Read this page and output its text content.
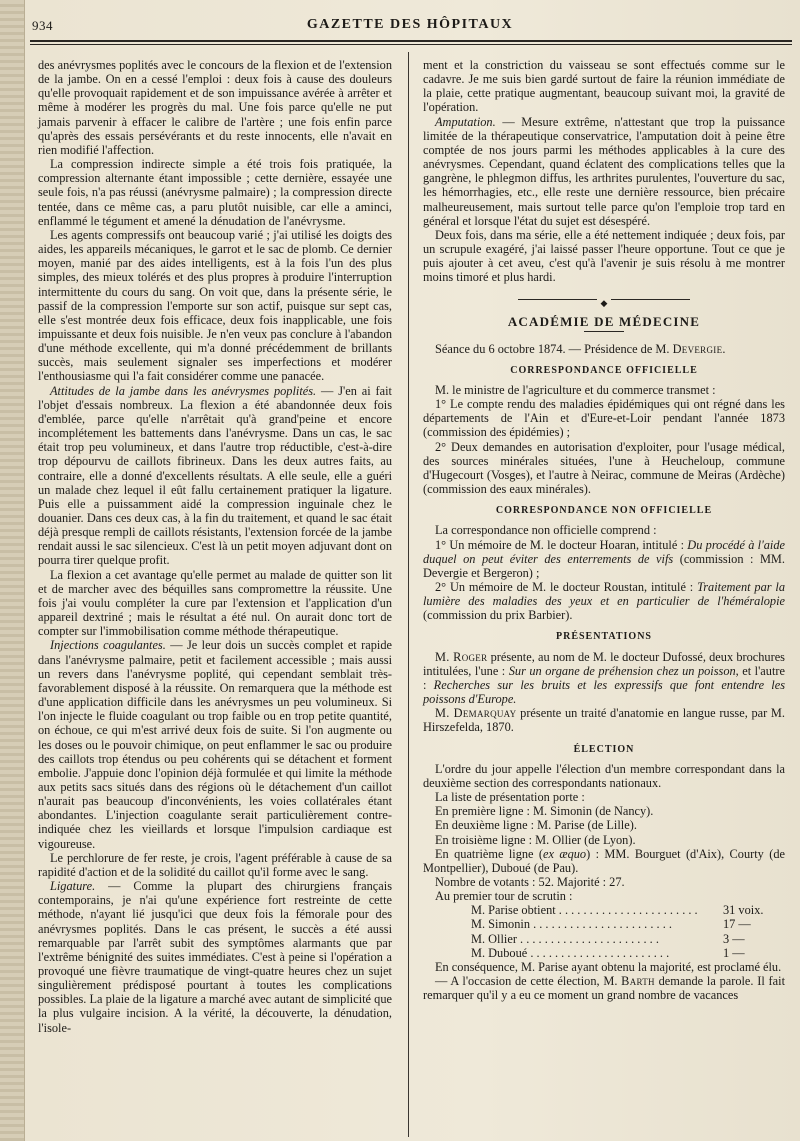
934	GAZETTE DES HÔPITAUX

des anévrysmes poplités avec le concours de la flexion et de l'extension de la jambe. On en a cessé l'emploi : deux fois à cause des douleurs qu'elle provoquait rapidement et de son impuissance avérée à arrêter et même à modérer les progrès du mal. Une fois parce qu'elle ne put jamais parvenir à effacer le calibre de l'artère ; une fois enfin parce qu'après des essais persévérants et du reste innocents, elle n'avait en rien modifié l'affection.

La compression indirecte simple a été trois fois pratiquée, la compression alternante étant impossible ; cette dernière, essayée une seule fois, n'a pas réussi (anévrysme palmaire) ; la compression directe tentée, dans ce même cas, a paru plutôt nuisible, car elle a aminci, enflammé le tégument et amené la dénudation de l'anévrysme.

Les agents compressifs ont beaucoup varié ; j'ai utilisé les doigts des aides, les appareils mécaniques, le garrot et le sac de plomb. Ce dernier moyen, manié par des aides intelligents, est à la fois l'un des plus simples, des mieux tolérés et des plus propres à produire l'interruption intermittente du cours du sang. On voit que, dans la présente série, le passif de la compression l'emporte sur son actif, puisque sur sept cas, elle s'est montrée deux fois efficace, deux fois inapplicable, une fois impuissante et deux fois nuisible. Je n'en veux pas conclure à l'abandon d'une méthode excellente, qui m'a donné précédemment de brillants succès, mais seulement signaler ses imperfections et modérer l'enthousiasme qui l'a fait considérer comme une panacée.

Attitudes de la jambe dans les anévrysmes poplités. — J'en ai fait l'objet d'essais nombreux. La flexion a été abandonnée deux fois d'emblée, parce qu'elle n'arrêtait qu'à grand'peine et encore incomplétement les battements dans l'anévrysme. Dans un cas, le sac était trop peu volumineux, et dans l'autre trop réductible, c'est-à-dire trop dépourvu de caillots fibrineux. Dans les deux autres faits, au contraire, elle a donné d'excellents résultats. A elle seule, elle a guéri un malade chez lequel il eût fallu certainement pratiquer la ligature. Puis elle a puissamment aidé la compression inguinale chez le douanier. Dans ces deux cas, à la fin du traitement, et quand le sac était déjà presque rempli de caillots résistants, l'extension forcée de la jambe rendait aussi le sac silencieux. C'est là un petit moyen adjuvant dont on pourra tirer quelque profit.

La flexion a cet avantage qu'elle permet au malade de quitter son lit et de marcher avec des béquilles sans compromettre la réussite. Une fois j'ai voulu compléter la cure par l'extension et l'application d'un appareil dextriné ; mais le résultat a été nul. On aurait donc tort de compter sur l'immobilisation comme méthode thérapeutique.

Injections coagulantes. — Je leur dois un succès complet et rapide dans l'anévrysme palmaire, petit et facilement accessible ; mais aussi un revers dans l'anévrysme poplité, qui cependant semblait très-favorablement disposé à la réussite. On remarquera que la méthode est d'une application difficile dans les anévrysmes un peu volumineux. Si l'on injecte le fluide coagulant ou trop faible ou en trop petite quantité, on échoue, ce qui m'est arrivé deux fois de suite. Si l'on augmente ou les doses ou le pouvoir chimique, on peut enflammer le sac ou produire des caillots trop étendus ou peu cohérents qui se détachent et forment embolie. J'appuie donc l'opinion déjà formulée et qui limite la méthode aux petits sacs situés dans des régions où le détachement d'un caillot n'aurait pas beaucoup d'inconvénients, les voies collatérales étant abondantes. L'injection coagulante serait particulièrement contre-indiquée chez les vieillards et lorsque l'impulsion cardiaque est vigoureuse.

Le perchlorure de fer reste, je crois, l'agent préférable à cause de sa rapidité d'action et de la solidité du caillot qu'il forme avec le sang.

Ligature. — Comme la plupart des chirurgiens français contemporains, je n'ai qu'une expérience fort restreinte de cette méthode, n'ayant lié jusqu'ici que deux fois la fémorale pour des anévrysmes poplités. Dans le cas présent, le succès a été aussi remarquable par l'arrêt subit des symptômes alarmants que par l'extrême bénignité des suites immédiates. C'est à peine si l'opération a provoqué une fièvre traumatique de vingt-quatre heures chez un sujet singulièrement prédisposé pourtant à toutes les complications possibles. La plaie de la ligature a marché avec autant de simplicité que la plus vulgaire incision. A la vérité, la découverte, la dénudation, l'isole-

ment et la constriction du vaisseau se sont effectués comme sur le cadavre. Je me suis bien gardé surtout de faire la réunion immédiate de la plaie, cette pratique augmentant, beaucoup suivant moi, la gravité de l'opération.

Amputation. — Mesure extrême, n'attestant que trop la puissance limitée de la thérapeutique conservatrice, l'amputation doit à peine être comptée de nos jours parmi les méthodes applicables à la cure des anévrysmes. Cependant, quand éclatent des complications telles que la gangrène, le phlegmon diffus, les arthrites purulentes, l'ouverture du sac, les hémorrhagies, etc., elle reste une dernière ressource, bien précaire malheureusement, mais surtout telle parce qu'on l'emploie trop tard en général et lorsque l'état du sujet est désespéré.

Deux fois, dans ma série, elle a été nettement indiquée ; deux fois, par un scrupule exagéré, j'ai laissé passer l'heure opportune. Tout ce que je puis ajouter à cet aveu, c'est qu'à l'avenir je suis résolu à me montrer moins timoré et plus hardi.

◆
ACADÉMIE DE MÉDECINE

Séance du 6 octobre 1874. — Présidence de M. Devergie.

CORRESPONDANCE OFFICIELLE

M. le ministre de l'agriculture et du commerce transmet :

1° Le compte rendu des maladies épidémiques qui ont régné dans les départements de l'Ain et d'Eure-et-Loir pendant l'année 1873 (commission des épidémies) ;

2° Deux demandes en autorisation d'exploiter, pour l'usage médical, des sources minérales situées, l'une à Heucheloup, commune d'Hugecourt (Vosges), et l'autre à Neirac, commune de Meiras (Ardèche) (commission des eaux minérales).

CORRESPONDANCE NON OFFICIELLE

La correspondance non officielle comprend :

1° Un mémoire de M. le docteur Hoaran, intitulé : Du procédé à l'aide duquel on peut éviter des enterrements de vifs (commission : MM. Devergie et Bergeron) ;

2° Un mémoire de M. le docteur Roustan, intitulé : Traitement par la lumière des maladies des yeux et en particulier de l'héméralopie (commission du prix Barbier).

PRÉSENTATIONS

M. Roger présente, au nom de M. le docteur Dufossé, deux brochures intitulées, l'une : Sur un organe de préhension chez un poisson, et l'autre : Recherches sur les bruits et les expressifs que font entendre les poissons d'Europe.

M. Demarquay présente un traité d'anatomie en langue russe, par M. Hirszefelda, 1870.

ÉLECTION

L'ordre du jour appelle l'élection d'un membre correspondant dans la deuxième section des correspondants nationaux.

La liste de présentation porte :

En première ligne : M. Simonin (de Nancy).

En deuxième ligne : M. Parise (de Lille).

En troisième ligne : M. Ollier (de Lyon).

En quatrième ligne (ex æquo) : MM. Bourguet (d'Aix), Courty (de Montpellier), Duboué (de Pau).

Nombre de votants : 52. Majorité : 27.

Au premier tour de scrutin :

M. Parise obtient . . .	31 voix.
M. Simonin . . .	17 —
M. Ollier . . .	3 —
M. Duboué . . .	1 —

En conséquence, M. Parise ayant obtenu la majorité, est proclamé élu.

— A l'occasion de cette élection, M. Barth demande la parole. Il fait remarquer qu'il y a eu ce moment un grand nombre de vacances
